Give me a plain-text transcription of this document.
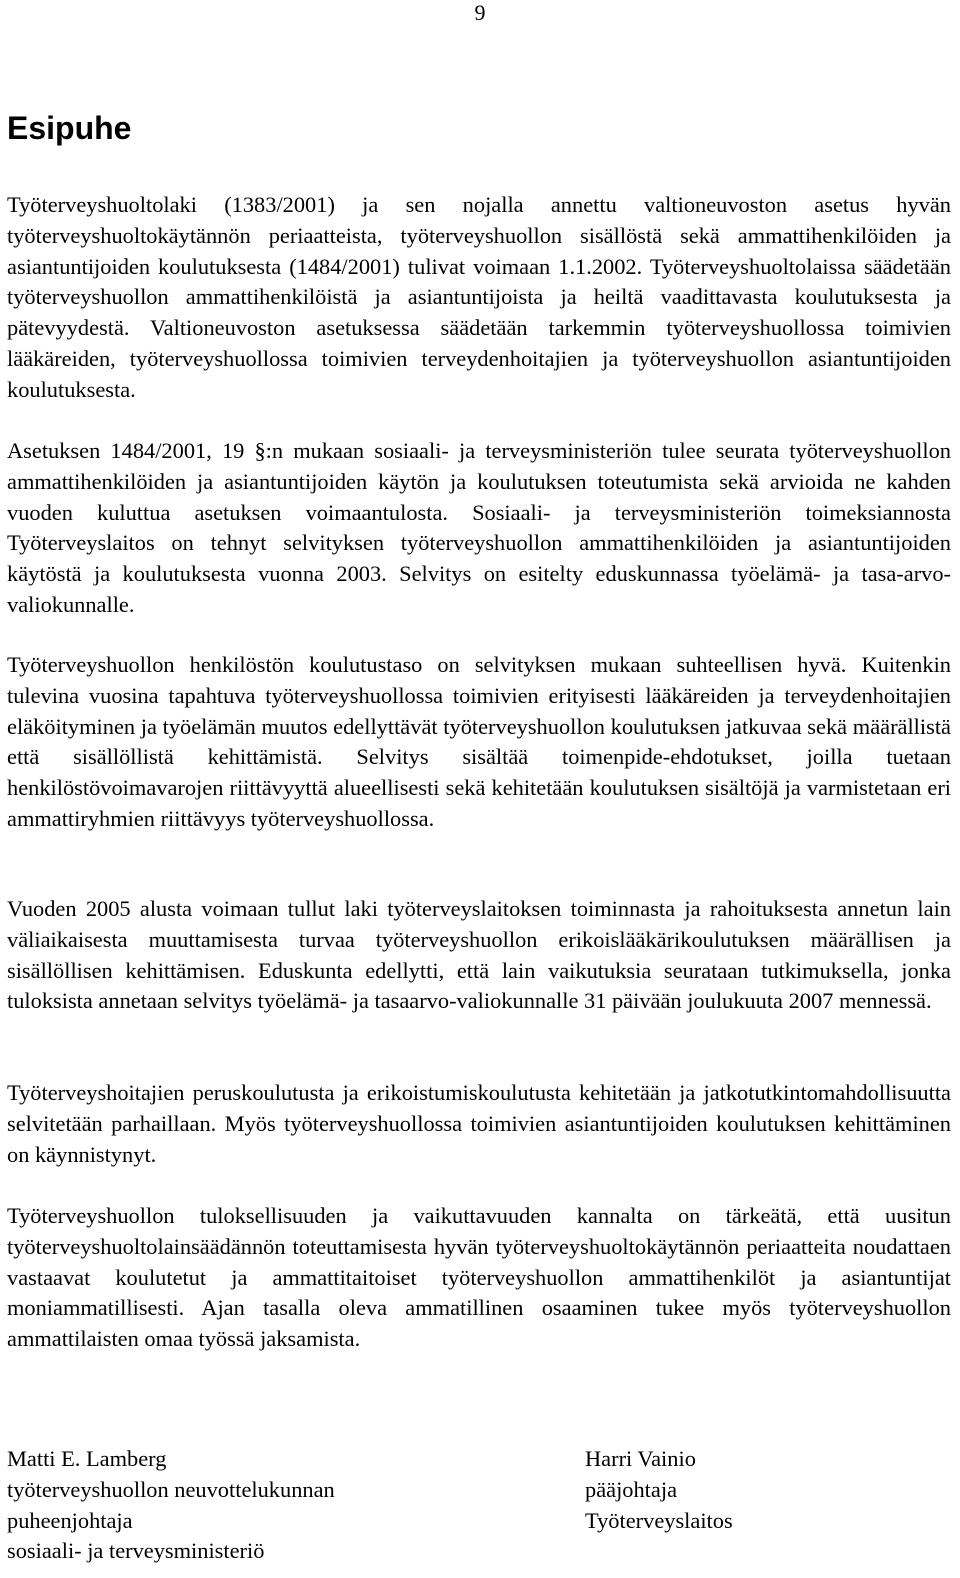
9
Esipuhe

Työterveyshuoltolaki (1383/2001) ja sen nojalla annettu valtioneuvoston asetus hyvän työterveyshuoltokäytännön periaatteista, työterveyshuollon sisällöstä sekä ammattihenkilöiden ja asiantuntijoiden koulutuksesta (1484/2001) tulivat voimaan 1.1.2002. Työterveyshuoltolaissa säädetään työterveyshuollon ammattihenkilöistä ja asiantuntijoista ja heiltä vaadittavasta koulutuksesta ja pätevyydestä. Valtioneuvoston asetuksessa säädetään tarkemmin työterveyshuollossa toimivien lääkäreiden, työterveyshuollossa toimivien terveydenhoitajien ja työterveyshuollon asiantuntijoiden koulutuksesta.

Asetuksen 1484/2001, 19 §:n mukaan sosiaali- ja terveysministeriön tulee seurata työterveyshuollon ammattihenkilöiden ja asiantuntijoiden käytön ja koulutuksen toteutumista sekä arvioida ne kahden vuoden kuluttua asetuksen voimaantulosta. Sosiaali- ja terveysministeriön toimeksiannosta Työterveyslaitos on tehnyt selvityksen työterveyshuollon ammattihenkilöiden ja asiantuntijoiden käytöstä ja koulutuksesta vuonna 2003. Selvitys on esitelty eduskunnassa työelämä- ja tasa-arvo-valiokunnalle.

Työterveyshuollon henkilöstön koulutustaso on selvityksen mukaan suhteellisen hyvä. Kuitenkin tulevina vuosina tapahtuva työterveyshuollossa toimivien erityisesti lääkäreiden ja terveydenhoitajien eläköityminen ja työelämän muutos edellyttävät työterveyshuollon koulutuksen jatkuvaa sekä määrällistä että sisällöllistä kehittämistä. Selvitys sisältää toimenpide-ehdotukset, joilla tuetaan henkilöstövoimavarojen riittävyyttä alueellisesti sekä kehitetään koulutuksen sisältöjä ja varmistetaan eri ammattiryhmien riittävyys työterveyshuollossa.

Vuoden 2005 alusta voimaan tullut laki työterveyslaitoksen toiminnasta ja rahoituksesta annetun lain väliaikaisesta muuttamisesta turvaa työterveyshuollon erikoislääkärikoulutuksen määrällisen ja sisällöllisen kehittämisen. Eduskunta edellytti, että lain vaikutuksia seurataan tutkimuksella, jonka tuloksista annetaan selvitys työelämä- ja tasaarvo-valiokunnalle 31 päivään joulukuuta 2007 mennessä.

Työterveyshoitajien peruskoulutusta ja erikoistumiskoulutusta kehitetään ja jatkotutkintomahdollisuutta selvitetään parhaillaan. Myös työterveyshuollossa toimivien asiantuntijoiden koulutuksen kehittäminen on käynnistynyt.

Työterveyshuollon tuloksellisuuden ja vaikuttavuuden kannalta on tärkeätä, että uusitun työterveyshuoltolainsäädännön toteuttamisesta hyvän työterveyshuoltokäytännön periaatteita noudattaen vastaavat koulutetut ja ammattitaitoiset työterveyshuollon ammattihenkilöt ja asiantuntijat moniammatillisesti. Ajan tasalla oleva ammatillinen osaaminen tukee myös työterveyshuollon ammattilaisten omaa työssä jaksamista.

Matti E. Lamberg
työterveyshuollon neuvottelukunnan
puheenjohtaja
sosiaali- ja terveysministeriö
Harri Vainio
pääjohtaja
Työterveyslaitos
